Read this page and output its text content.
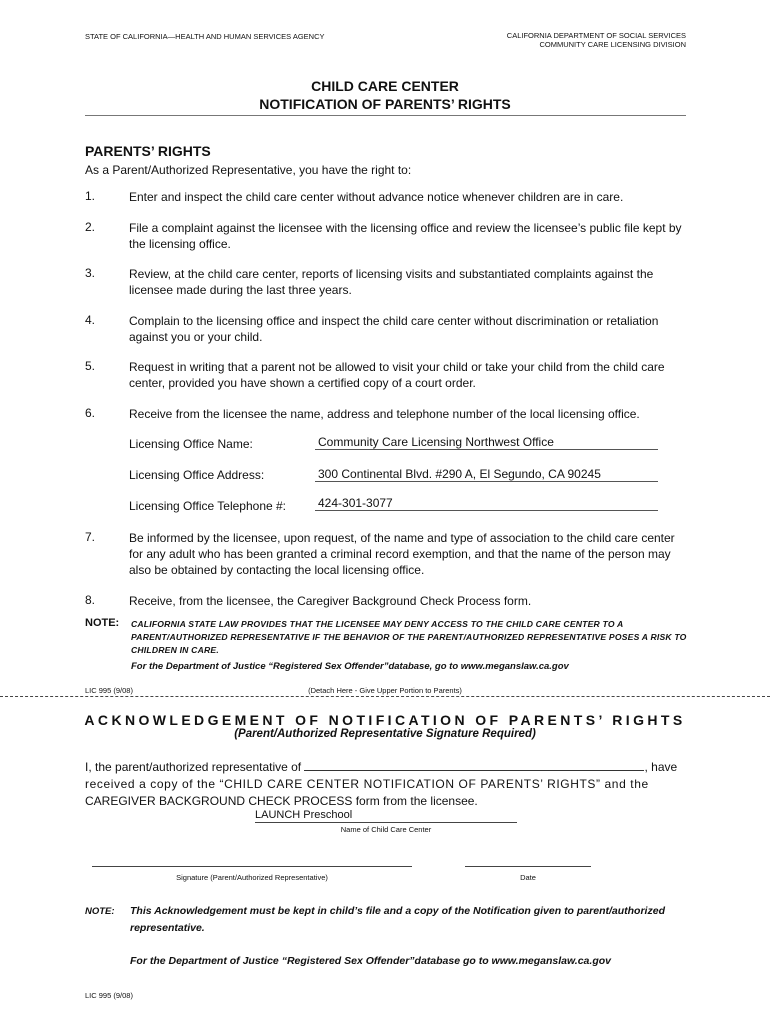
STATE OF CALIFORNIA—HEALTH AND HUMAN SERVICES AGENCY	CALIFORNIA DEPARTMENT OF SOCIAL SERVICES
COMMUNITY CARE LICENSING DIVISION
CHILD CARE CENTER
NOTIFICATION OF PARENTS’ RIGHTS
PARENTS’ RIGHTS
As a Parent/Authorized Representative, you have the right to:
1.	Enter and inspect the child care center without advance notice whenever children are in care.
2.	File a complaint against the licensee with the licensing office and review the licensee’s public file kept by the licensing office.
3.	Review, at the child care center, reports of licensing visits and substantiated complaints against the licensee made during the last three years.
4.	Complain to the licensing office and inspect the child care center without discrimination or retaliation against you or your child.
5.	Request in writing that a parent not be allowed to visit your child or take your child from the child care center, provided you have shown a certified copy of a court order.
6.	Receive from the licensee the name, address and telephone number of the local licensing office.
Licensing Office Name:	Community Care Licensing Northwest Office
Licensing Office Address:	300 Continental Blvd. #290 A, El Segundo, CA 90245
Licensing Office Telephone #:	424-301-3077
7.	Be informed by the licensee, upon request, of the name and type of association to the child care center for any adult who has been granted a criminal record exemption, and that the name of the person may also be obtained by contacting the local licensing office.
8.	Receive, from the licensee, the Caregiver Background Check Process form.
NOTE: CALIFORNIA STATE LAW PROVIDES THAT THE LICENSEE MAY DENY ACCESS TO THE CHILD CARE CENTER TO A PARENT/AUTHORIZED REPRESENTATIVE IF THE BEHAVIOR OF THE PARENT/AUTHORIZED REPRESENTATIVE POSES A RISK TO CHILDREN IN CARE.
For the Department of Justice “Registered Sex Offender”database, go to www.meganslaw.ca.gov
LIC 995 (9/08)	(Detach Here - Give Upper Portion to Parents)
ACKNOWLEDGEMENT OF NOTIFICATION OF PARENTS’ RIGHTS
(Parent/Authorized Representative Signature Required)
I, the parent/authorized representative of	, have
received a copy of the “CHILD CARE CENTER NOTIFICATION OF PARENTS’ RIGHTS” and the
CAREGIVER BACKGROUND CHECK PROCESS form from the licensee.
LAUNCH Preschool
Name of Child Care Center
Signature (Parent/Authorized Representative)	Date
NOTE: This Acknowledgement must be kept in child’s file and a copy of the Notification given to parent/authorized representative.
For the Department of Justice “Registered Sex Offender”database go to www.meganslaw.ca.gov
LIC 995 (9/08)
